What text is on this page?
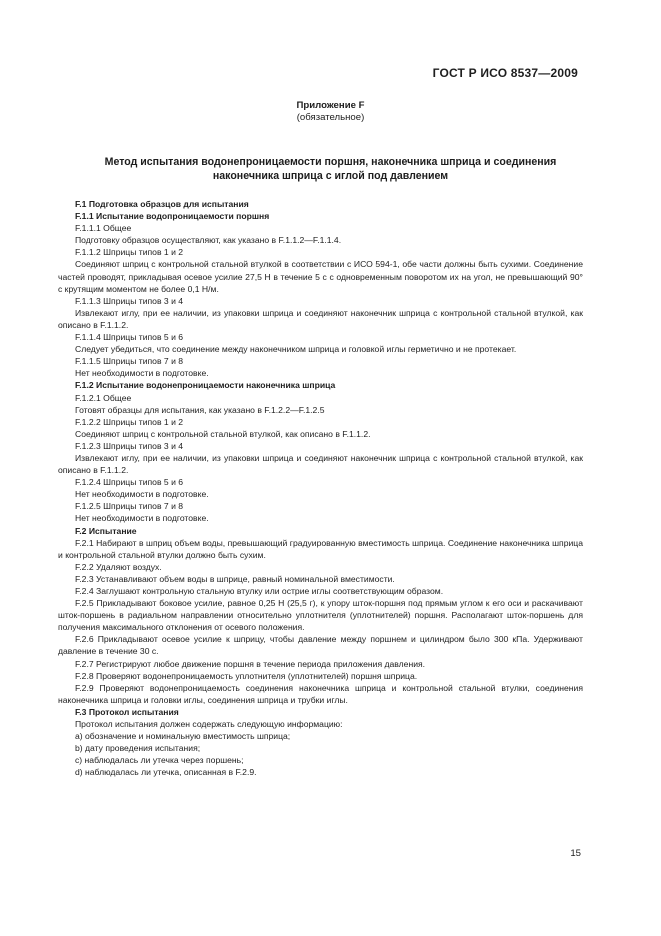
ГОСТ Р ИСО 8537—2009
Приложение F
(обязательное)
Метод испытания водонепроницаемости поршня, наконечника шприца и соединения наконечника шприца с иглой под давлением

F.1 Подготовка образцов для испытания

F.1.1 Испытание водопроницаемости поршня

F.1.1.1 Общее

Подготовку образцов осуществляют, как указано в F.1.1.2—F.1.1.4.

F.1.1.2 Шприцы типов 1 и 2

Соединяют шприц с контрольной стальной втулкой в соответствии с ИСО 594-1, обе части должны быть сухими. Соединение частей проводят, прикладывая осевое усилие 27,5 Н в течение 5 с с одновременным поворотом их на угол, не превышающий 90° с крутящим моментом не более 0,1 Н/м.

F.1.1.3 Шприцы типов 3 и 4

Извлекают иглу, при ее наличии, из упаковки шприца и соединяют наконечник шприца с контрольной стальной втулкой, как описано в F.1.1.2.

F.1.1.4 Шприцы типов 5 и 6

Следует убедиться, что соединение между наконечником шприца и головкой иглы герметично и не протекает.

F.1.1.5 Шприцы типов 7 и 8

Нет необходимости в подготовке.

F.1.2 Испытание водонепроницаемости наконечника шприца

F.1.2.1 Общее

Готовят образцы для испытания, как указано в F.1.2.2—F.1.2.5

F.1.2.2 Шприцы типов 1 и 2

Соединяют шприц с контрольной стальной втулкой, как описано в F.1.1.2.

F.1.2.3 Шприцы типов 3 и 4

Извлекают иглу, при ее наличии, из упаковки шприца и соединяют наконечник шприца с контрольной стальной втулкой, как описано в F.1.1.2.

F.1.2.4 Шприцы типов 5 и 6

Нет необходимости в подготовке.

F.1.2.5 Шприцы типов 7 и 8

Нет необходимости в подготовке.

F.2 Испытание

F.2.1 Набирают в шприц объем воды, превышающий градуированную вместимость шприца. Соединение наконечника шприца и контрольной стальной втулки должно быть сухим.

F.2.2 Удаляют воздух.

F.2.3 Устанавливают объем воды в шприце, равный номинальной вместимости.

F.2.4 Заглушают контрольную стальную втулку или острие иглы соответствующим образом.

F.2.5 Прикладывают боковое усилие, равное 0,25 Н (25,5 г), к упору шток-поршня под прямым углом к его оси и раскачивают шток-поршень в радиальном направлении относительно уплотнителя (уплотнителей) поршня. Располагают шток-поршень для получения максимального отклонения от осевого положения.

F.2.6 Прикладывают осевое усилие к шприцу, чтобы давление между поршнем и цилиндром было 300 кПа. Удерживают давление в течение 30 с.

F.2.7 Регистрируют любое движение поршня в течение периода приложения давления.

F.2.8 Проверяют водонепроницаемость уплотнителя (уплотнителей) поршня шприца.

F.2.9 Проверяют водонепроницаемость соединения наконечника шприца и контрольной стальной втулки, соединения наконечника шприца и головки иглы, соединения шприца и трубки иглы.

F.3 Протокол испытания

Протокол испытания должен содержать следующую информацию:

а) обозначение и номинальную вместимость шприца;

b) дату проведения испытания;

c) наблюдалась ли утечка через поршень;

d) наблюдалась ли утечка, описанная в F.2.9.

15
